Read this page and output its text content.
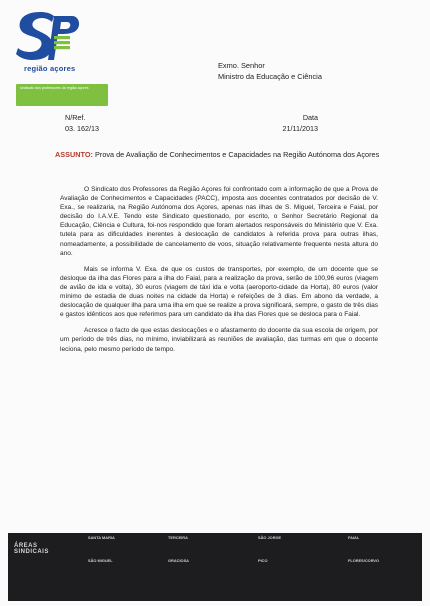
região açores
sindicato dos professores da região açores
Exmo. Senhor
Ministro da Educação e Ciência
N/Ref.
03. 162/13
Data
21/11/2013
ASSUNTO: Prova de Avaliação de Conhecimentos e Capacidades na Região Autónoma dos Açores

O Sindicato dos Professores da Região Açores foi confrontado com a informação de que a Prova de Avaliação de Conhecimentos e Capacidades (PACC), imposta aos docentes contratados por decisão de V. Exa., se realizaria, na Região Autónoma dos Açores, apenas nas ilhas de S. Miguel, Terceira e Faial, por decisão do I.A.V.E. Tendo este Sindicato questionado, por escrito, o Senhor Secretário Regional da Educação, Ciência e Cultura, foi-nos respondido que foram alertados responsáveis do Ministério que V. Exa. tutela para as dificuldades inerentes à deslocação de candidatos à referida prova para outras ilhas, nomeadamente, a possibilidade de cancelamento de voos, situação relativamente frequente nesta altura do ano.

Mais se informa V. Exa. de que os custos de transportes, por exemplo, de um docente que se desloque da ilha das Flores para a ilha do Faial, para a realização da prova, serão de 100,96 euros (viagem de avião de ida e volta), 30 euros (viagem de táxi ida e volta (aeroporto-cidade da Horta), 80 euros (valor mínimo de estadia de duas noites na cidade da Horta) e refeições de 3 dias. Em abono da verdade, a deslocação de qualquer ilha para uma ilha em que se realize a prova significará, sempre, o gasto de três dias e gastos idênticos aos que referimos para um candidato da ilha das Flores que se desloca para o Faial.

Acresce o facto de que estas deslocações e o afastamento do docente da sua escola de origem, por um período de três dias, no mínimo, inviabilizará as reuniões de avaliação, das turmas em que o docente leciona, pelo mesmo período de tempo.

ÁREAS
SINDICAIS
SANTA MARIA
SÃO MIGUEL
TERCEIRA
GRACIOSA
SÃO JORGE
PICO
FAIAL
FLORES/CORVO
